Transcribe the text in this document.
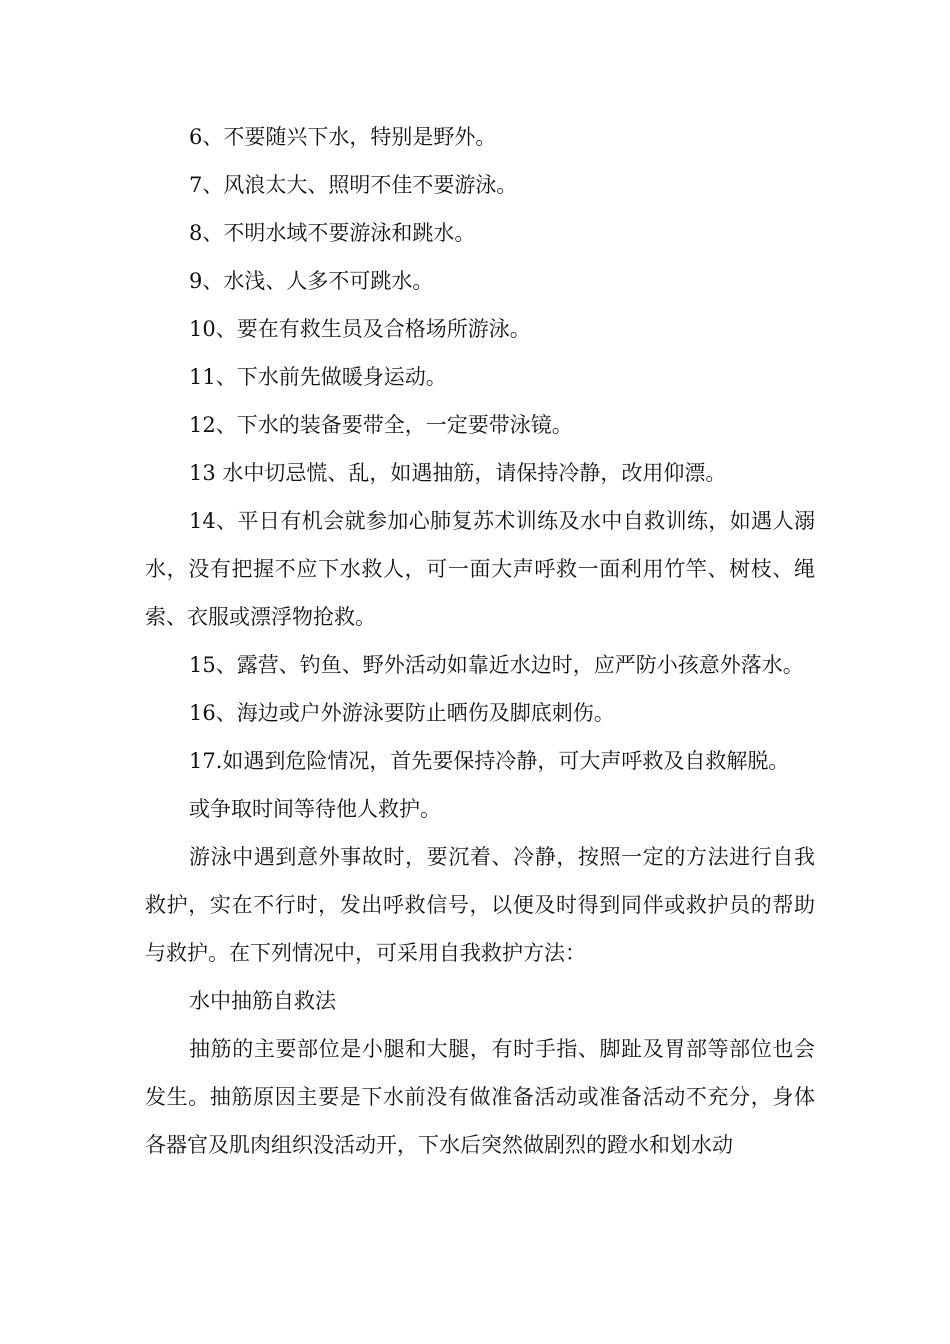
6、不要随兴下水，特别是野外。

7、风浪太大、照明不佳不要游泳。

8、不明水域不要游泳和跳水。

9、水浅、人多不可跳水。

10、要在有救生员及合格场所游泳。

11、下水前先做暖身运动。

12、下水的装备要带全，一定要带泳镜。

13 水中切忌慌、乱，如遇抽筋，请保持冷静，改用仰漂。

14、平日有机会就参加心肺复苏术训练及水中自救训练，如遇人溺水，没有把握不应下水救人，可一面大声呼救一面利用竹竿、树枝、绳索、衣服或漂浮物抢救。

15、露营、钓鱼、野外活动如靠近水边时，应严防小孩意外落水。

16、海边或户外游泳要防止晒伤及脚底刺伤。

17.如遇到危险情况，首先要保持冷静，可大声呼救及自救解脱。

或争取时间等待他人救护。

游泳中遇到意外事故时，要沉着、冷静，按照一定的方法进行自我救护，实在不行时，发出呼救信号，以便及时得到同伴或救护员的帮助与救护。在下列情况中，可采用自我救护方法：

水中抽筋自救法

抽筋的主要部位是小腿和大腿，有时手指、脚趾及胃部等部位也会发生。抽筋原因主要是下水前没有做准备活动或准备活动不充分，身体各器官及肌肉组织没活动开，下水后突然做剧烈的蹬水和划水动
